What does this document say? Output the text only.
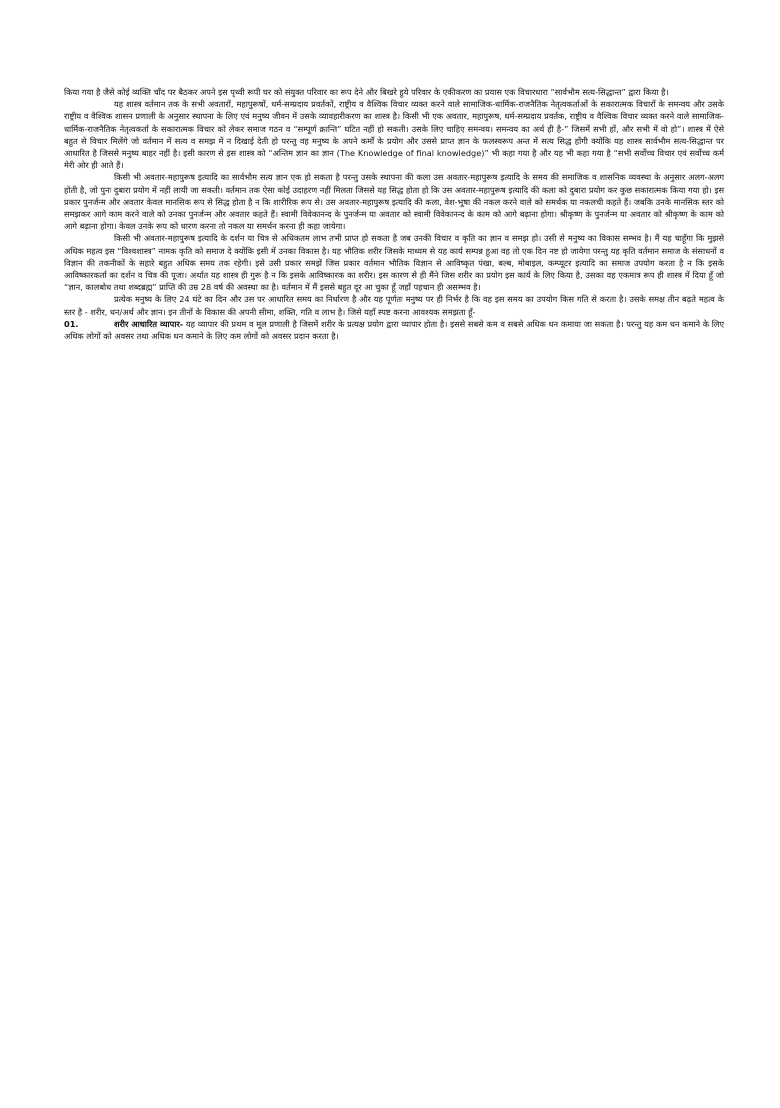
किया गया है जैसे कोई व्यक्ति चाँद पर बैठकर अपने इस पृथ्वी रूपी घर को संयुक्त परिवार का रूप देने और बिखरे हुये परिवार के एकीकरण का प्रयास एक विचारधारा “सार्वभौम सत्य-सिद्धान्त” द्वारा किया है।

यह शास्त्र वर्तमान तक के सभी अवतारों, महापुरूषों, धर्म-सम्प्रदाय प्रवर्तकों, राष्ट्रीय व वैश्विक विचार व्यक्त करने वाले सामाजिक-धार्मिक-राजनैतिक नेतृत्वकर्ताओं के सकारात्मक विचारों के समन्वय और उसके राष्ट्रीय व वैश्विक शासन प्रणाली के अनुसार स्थापना के लिए एवं मनुष्य जीवन में उसके व्यावहारीकरण का शास्त्र है। किसी भी एक अवतार, महापुरूष, धर्म-सम्प्रदाय प्रवर्तक, राष्ट्रीय व वैश्विक विचार व्यक्त करने वाले सामाजिक-धार्मिक-राजनैतिक नेतृत्वकर्ता के सकारात्मक विचार को लेकर समाज गठन व “सम्पूर्ण क्रान्ति” घटित नहीं हो सकती। उसके लिए चाहिए समन्वय। समन्वय का अर्थ ही है-” जिसमें सभी हों, और सभी में वो हो”। शास्त्र में ऐसे बहुत से विचार मिलेंगे जो वर्तमान में सत्य व समझ में न दिखाई देती हो परन्तु वह मनुष्य के अपने कर्मों के प्रयोग और उससे प्राप्त ज्ञान के फलस्वरूप अन्त में सत्य सिद्ध होंगी क्योंकि यह शास्त्र सार्वभौम सत्य-सिद्धान्त पर आधारित है जिससे मनुष्य बाहर नहीं है। इसी कारण से इस शास्त्र को “अन्तिम ज्ञान का ज्ञान (The Knowledge of final knowledge)” भी कहा गया है और यह भी कहा गया है “सभी सर्वोच्च विचार एवं सर्वोच्च कर्म मेरी ओर ही आते हैं।

किसी भी अवतार-महापुरूष इत्यादि का सार्वभौम सत्य ज्ञान एक हो सकता है परन्तु उसके स्थापना की कला उस अवतार-महापुरूष इत्यादि के समय की समाजिक व शासनिक व्यवस्था के अनुसार अलग-अलग होती है, जो पुनः दुबारा प्रयोग में नहीं लायी जा सकती। वर्तमान तक ऐसा कोई उदाहरण नहीं मिलता जिससे यह सिद्ध होता हो कि उस अवतार-महापुरूष इत्यादि की कला को दुबारा प्रयोग कर कुछ सकारात्मक किया गया हो। इस प्रकार पुनर्जन्म और अवतार केवल मानसिक रूप से सिद्ध होता है न कि शारीरिक रूप से। उस अवतार-महापुरूष इत्यादि की कला, वेश-भूषा की नकल करने वाले को समर्थक या नकलची कहते हैं। जबकि उनके मानसिक स्तर को समझकर आगे काम करने वाले को उनका पुनर्जन्म और अवतार कहते हैं। स्वामी विवेकानन्द के पुनर्जन्म या अवतार को स्वामी विवेकानन्द के काम को आगे बढ़ाना होगा। श्रीकृष्ण के पुनर्जन्म या अवतार को श्रीकृष्ण के काम को आगे बढ़ाना होगा। केवल उनके रूप को धारण करना तो नकल या समर्थन करना ही कहा जायेगा।

किसी भी अवतार-महापुरूष इत्यादि के दर्शन या चित्र से अधिकतम लाभ तभी प्राप्त हो सकता है जब उनकी विचार व कृति का ज्ञान व समझ हो। उसी से मनुष्य का विकास सम्भव है। मैं यह चाहूँगा कि मुझसे अधिक महत्व इस “विश्वशास्त्र” नामक कृति को समाज दे क्योंकि इसी में उनका विकास है। यह भौतिक शरीर जिसके माध्यम से यह कार्य सम्पन्न हुआ वह तो एक दिन नष्ट हो जायेगा परन्तु यह कृति वर्तमान समाज के संसाधनों व विज्ञान की तकनीकों के सहारे बहुत अधिक समय तक रहेगी। इसे उसी प्रकार समझें जिस प्रकार वर्तमान भौतिक विज्ञान से आविष्कृत पंखा, बल्ब, मोबाइल, कम्प्यूटर इत्यादि का समाज उपयोग करता है न कि इसके आविष्कारकर्ता का दर्शन व चित्र की पूजा। अर्थात यह शास्त्र ही गुरू है न कि इसके आविष्कारक का शरीर। इस कारण से ही मैंने जिस शरीर का प्रयोग इस कार्य के लिए किया है, उसका वह एकमात्र रूप ही शास्त्र में दिया हूँ जो “ज्ञान, कालबोध तथा शब्दब्रह्म” प्राप्ति की उम्र 28 वर्ष की अवस्था का है। वर्तमान में मैं इससे बहुत दूर आ चुका हूँ जहाँ पहचान ही असम्भव है।

प्रत्येक मनुष्य के लिए 24 घंटे का दिन और उस पर आधारित समय का निर्धारण है और यह पूर्णतः मनुष्य पर ही निर्भर है कि वह इस समय का उपयोग किस गति से करता है। उसके समक्ष तीन बढ़ते महत्व के स्तर है - शरीर, धन/अर्थ और ज्ञान। इन तीनों के विकास की अपनी सीमा, शक्ति, गति व लाभ है। जिसे यहाँ स्पष्ट करना आवश्यक समझता हूँ-

01.	शरीर आधारित व्यापार- यह व्यापार की प्रथम व मूल प्रणाली है जिसमें शरीर के प्रत्यक्ष प्रयोग द्वारा व्यापार होता है। इससे सबसे कम व सबसे अधिक धन कमाया जा सकता है। परन्तु यह कम धन कमाने के लिए अधिक लोगों को अवसर तथा अधिक धन कमाने के लिए कम लोगों को अवसर प्रदान करता है।
